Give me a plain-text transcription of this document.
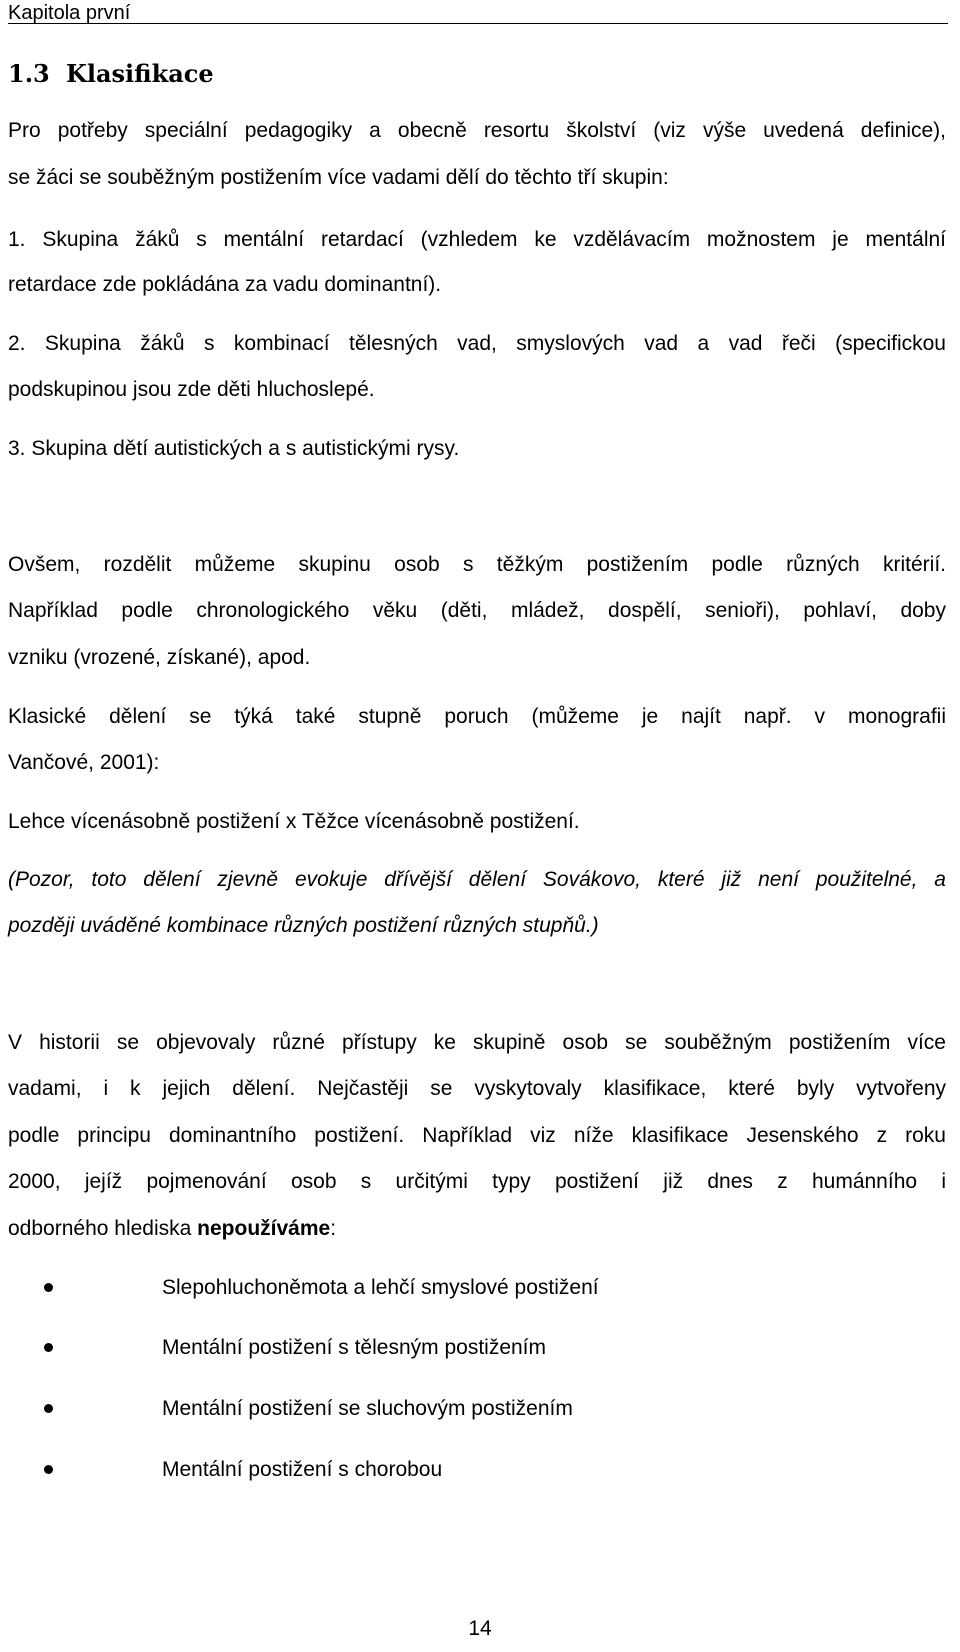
Kapitola první
1.3 Klasifikace
Pro potřeby speciální pedagogiky a obecně resortu školství (viz výše uvedená definice),
se žáci se souběžným postižením více vadami dělí do těchto tří skupin:
1. Skupina žáků s mentální retardací (vzhledem ke vzdělávacím možnostem je mentální
retardace zde pokládána za vadu dominantní).
2. Skupina žáků s kombinací tělesných vad, smyslových vad a vad řeči (specifickou
podskupinou jsou zde děti hluchoslepé.
3. Skupina dětí autistických a s autistickými rysy.
Ovšem, rozdělit můžeme skupinu osob s těžkým postižením podle různých kritérií.
Například podle chronologického věku (děti, mládež, dospělí, senioři), pohlaví, doby
vzniku (vrozené, získané), apod.
Klasické dělení se týká také stupně poruch (můžeme je najít např. v monografii
Vančové, 2001):
Lehce vícenásobně postižení x Těžce vícenásobně postižení.
(Pozor, toto dělení zjevně evokuje dřívější dělení Sovákovo, které již není použitelné, a
později uváděné kombinace různých postižení různých stupňů.)
V historii se objevovaly různé přístupy ke skupině osob se souběžným postižením více
vadami, i k jejich dělení. Nejčastěji se vyskytovaly klasifikace, které byly vytvořeny
podle principu dominantního postižení. Například viz níže klasifikace Jesenského z roku
2000, jejíž pojmenování osob s určitými typy postižení již dnes z humánního i
odborného hlediska nepoužíváme:
Slepohluchoněmota a lehčí smyslové postižení
Mentální postižení s tělesným postižením
Mentální postižení se sluchovým postižením
Mentální postižení s chorobou
14
